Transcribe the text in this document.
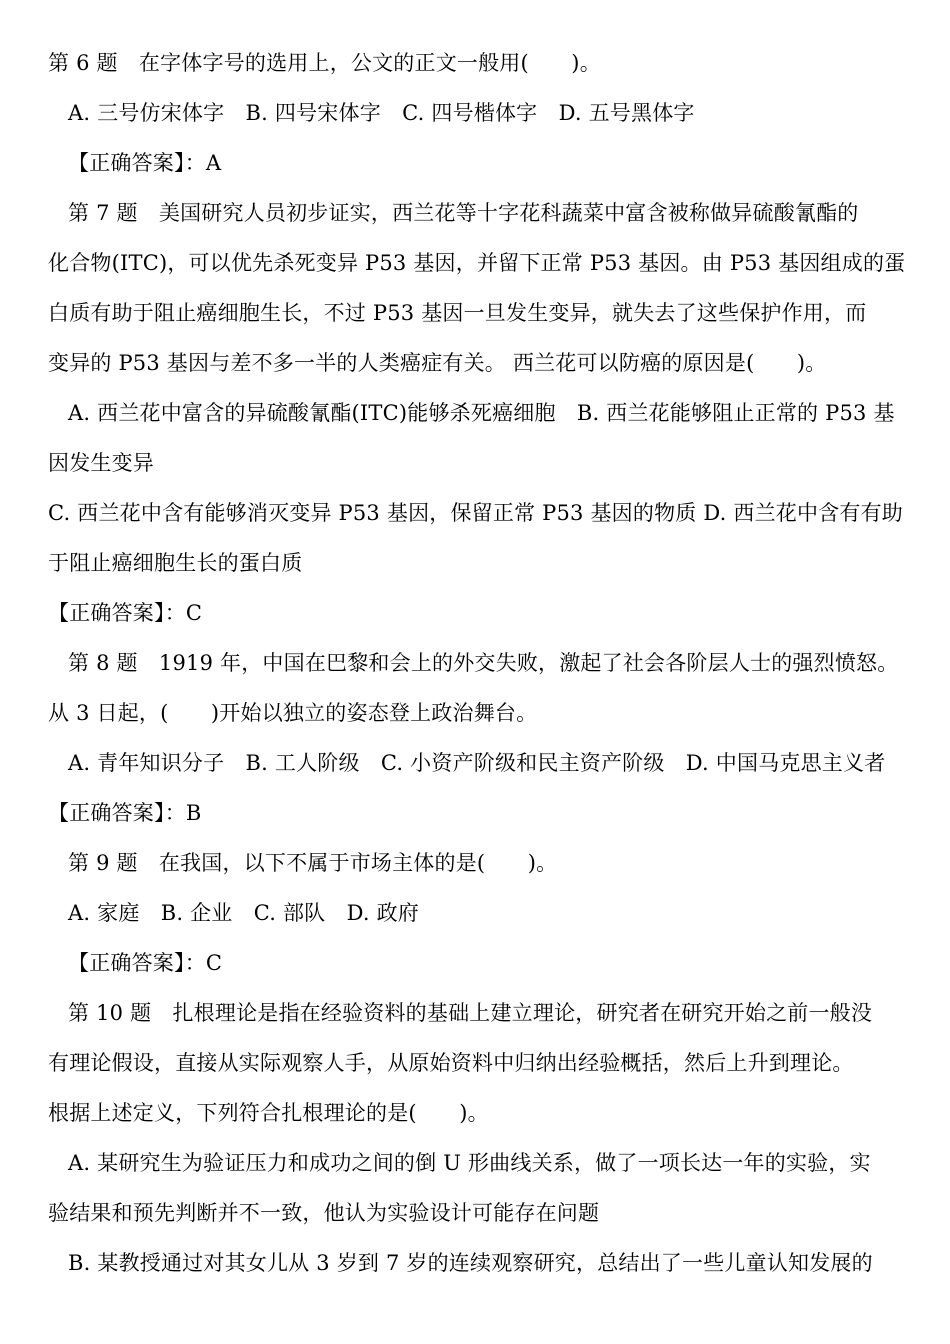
第 6 题　在字体字号的选用上，公文的正文一般用(　　)。
A. 三号仿宋体字　B. 四号宋体字　C. 四号楷体字　D. 五号黑体字
【正确答案】：A
第 7 题　美国研究人员初步证实，西兰花等十字花科蔬菜中富含被称做异硫酸氰酯的
化合物(ITC)，可以优先杀死变异 P53 基因，并留下正常 P53 基因。由 P53 基因组成的蛋
白质有助于阻止癌细胞生长，不过 P53 基因一旦发生变异，就失去了这些保护作用，而
变异的 P53 基因与差不多一半的人类癌症有关。 西兰花可以防癌的原因是(　　)。
A. 西兰花中富含的异硫酸氰酯(ITC)能够杀死癌细胞　B. 西兰花能够阻止正常的 P53 基
因发生变异
C. 西兰花中含有能够消灭变异 P53 基因，保留正常 P53 基因的物质 D. 西兰花中含有有助
于阻止癌细胞生长的蛋白质
【正确答案】：C
第 8 题　1919 年，中国在巴黎和会上的外交失败，激起了社会各阶层人士的强烈愤怒。
从 3 日起，(　　)开始以独立的姿态登上政治舞台。
A. 青年知识分子　B. 工人阶级　C. 小资产阶级和民主资产阶级　D. 中国马克思主义者
【正确答案】：B
第 9 题　在我国，以下不属于市场主体的是(　　)。
A. 家庭　B. 企业　C. 部队　D. 政府
【正确答案】：C
第 10 题　扎根理论是指在经验资料的基础上建立理论，研究者在研究开始之前一般没
有理论假设，直接从实际观察人手，从原始资料中归纳出经验概括，然后上升到理论。
根据上述定义，下列符合扎根理论的是(　　)。
A. 某研究生为验证压力和成功之间的倒 U 形曲线关系，做了一项长达一年的实验，实
验结果和预先判断并不一致，他认为实验设计可能存在问题
B. 某教授通过对其女儿从 3 岁到 7 岁的连续观察研究，总结出了一些儿童认知发展的
